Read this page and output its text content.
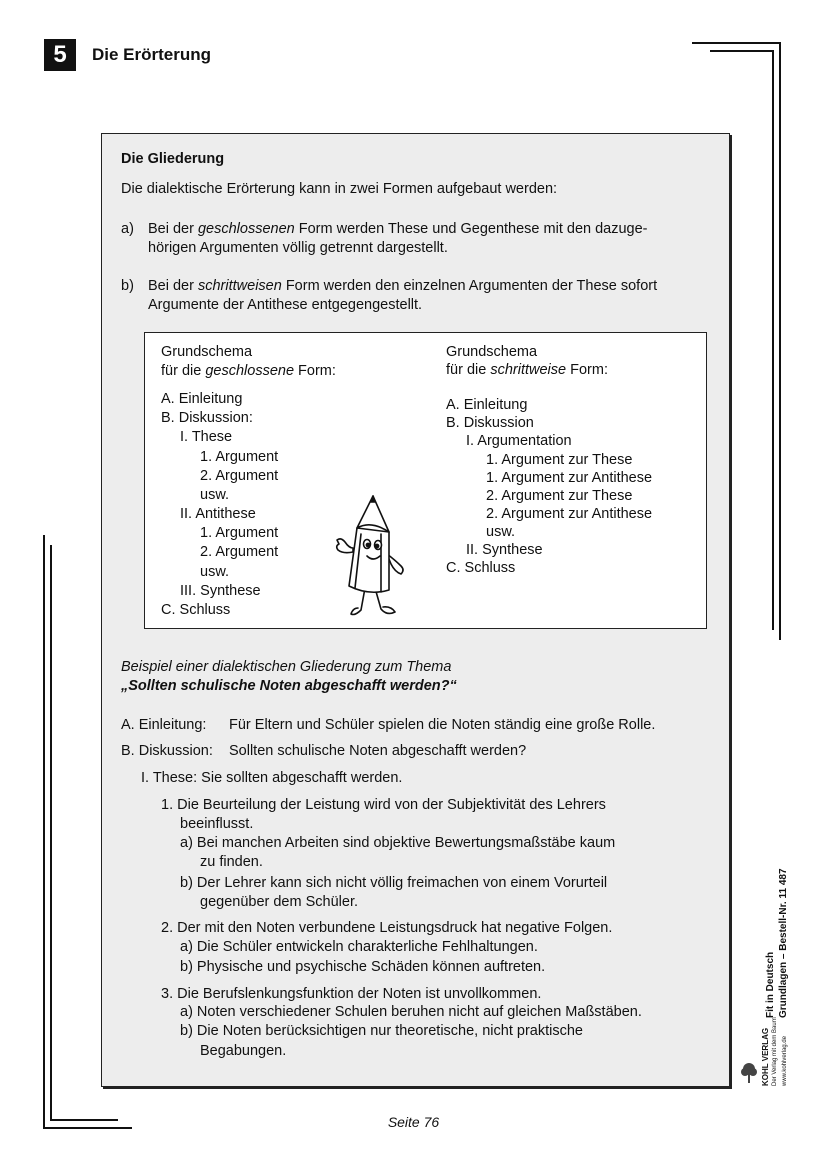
5	Die Erörterung
Die Gliederung
Die dialektische Erörterung kann in zwei Formen aufgebaut werden:
a) Bei der geschlossenen Form werden These und Gegenthese mit den dazuge-
hörigen Argumenten völlig getrennt dargestellt.
b) Bei der schrittweisen Form werden den einzelnen Argumenten der These sofort
Argumente der Antithese entgegengestellt.
Grundschema
für die geschlossene Form:
A. Einleitung
B. Diskussion:
I. These
1. Argument
2. Argument
usw.
II. Antithese
1. Argument
2. Argument
usw.
III. Synthese
C. Schluss
Grundschema
für die schrittweise Form:
A. Einleitung
B. Diskussion
I. Argumentation
1. Argument zur These
1. Argument zur Antithese
2. Argument zur These
2. Argument zur Antithese
usw.
II. Synthese
C. Schluss
Beispiel einer dialektischen Gliederung zum Thema
„Sollten schulische Noten abgeschafft werden?“
A. Einleitung: Für Eltern und Schüler spielen die Noten ständig eine große Rolle.
B. Diskussion: Sollten schulische Noten abgeschafft werden?
I. These: Sie sollten abgeschafft werden.
1. Die Beurteilung der Leistung wird von der Subjektivität des Lehrers
beeinflusst.
a) Bei manchen Arbeiten sind objektive Bewertungsmaßstäbe kaum
zu finden.
b) Der Lehrer kann sich nicht völlig freimachen von einem Vorurteil
gegenüber dem Schüler.
2. Der mit den Noten verbundene Leistungsdruck hat negative Folgen.
a) Die Schüler entwickeln charakterliche Fehlhaltungen.
b) Physische und psychische Schäden können auftreten.
3. Die Berufslenkungsfunktion der Noten ist unvollkommen.
a) Noten verschiedener Schulen beruhen nicht auf gleichen Maßstäben.
b) Die Noten berücksichtigen nur theoretische, nicht praktische
Begabungen.
Seite 76
KOHL VERLAG Der Verlag mit dem Baum www.kohlverlag.de
Fit in Deutsch Grundlagen – Bestell-Nr. 11 487
